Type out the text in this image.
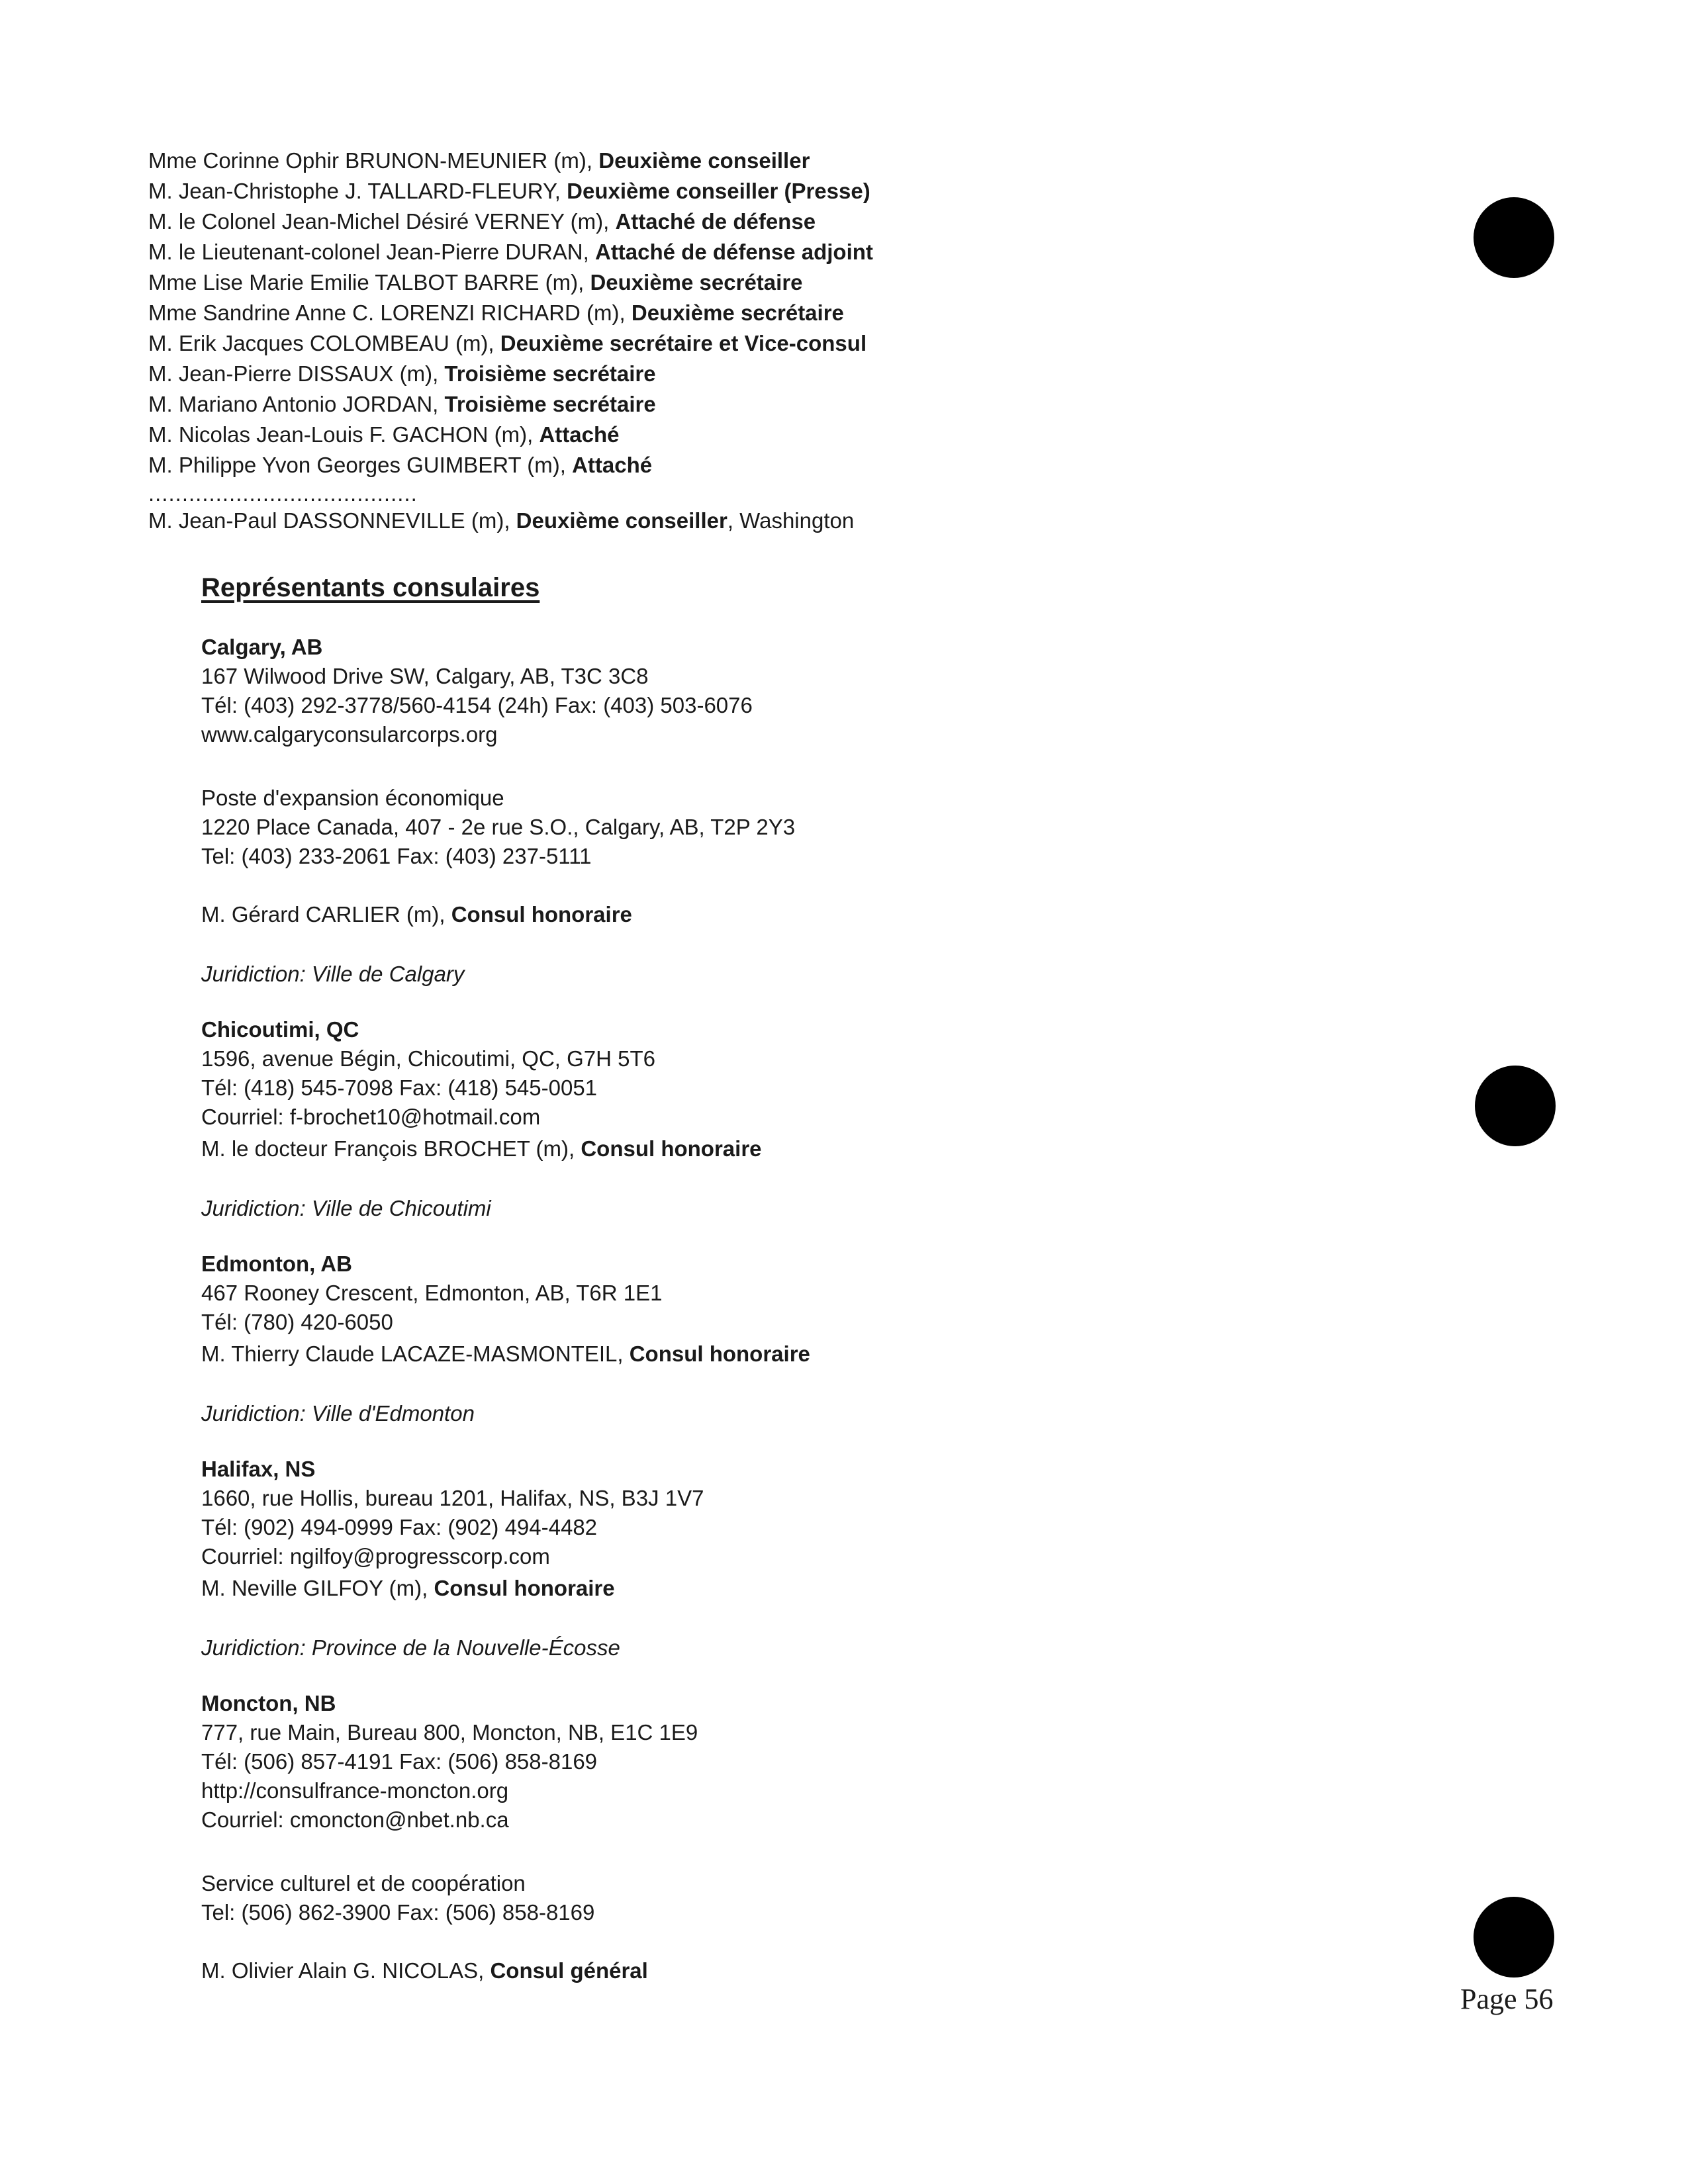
Mme Corinne Ophir BRUNON-MEUNIER (m), Deuxième conseiller
M. Jean-Christophe J. TALLARD-FLEURY, Deuxième conseiller (Presse)
M. le Colonel Jean-Michel Désiré VERNEY (m), Attaché de défense
M. le Lieutenant-colonel Jean-Pierre DURAN, Attaché de défense adjoint
Mme Lise Marie Emilie TALBOT BARRE (m), Deuxième secrétaire
Mme Sandrine Anne C. LORENZI RICHARD (m), Deuxième secrétaire
M. Erik Jacques COLOMBEAU (m), Deuxième secrétaire et Vice-consul
M. Jean-Pierre DISSAUX (m), Troisième secrétaire
M. Mariano Antonio JORDAN, Troisième secrétaire
M. Nicolas Jean-Louis F. GACHON (m), Attaché
M. Philippe Yvon Georges GUIMBERT (m), Attaché
........................................
M. Jean-Paul DASSONNEVILLE (m), Deuxième conseiller, Washington
Représentants consulaires
Calgary, AB
167 Wilwood Drive SW, Calgary, AB, T3C 3C8
Tél: (403) 292-3778/560-4154 (24h) Fax: (403) 503-6076
www.calgaryconsularcorps.org
Poste d'expansion économique
1220 Place Canada, 407 - 2e rue S.O., Calgary, AB, T2P 2Y3
Tel: (403) 233-2061 Fax: (403) 237-5111
M. Gérard CARLIER (m), Consul honoraire
Juridiction: Ville de Calgary
Chicoutimi, QC
1596, avenue Bégin, Chicoutimi, QC, G7H 5T6
Tél: (418) 545-7098 Fax: (418) 545-0051
Courriel: f-brochet10@hotmail.com
M. le docteur François BROCHET (m), Consul honoraire
Juridiction: Ville de Chicoutimi
Edmonton, AB
467 Rooney Crescent, Edmonton, AB, T6R 1E1
Tél: (780) 420-6050
M. Thierry Claude LACAZE-MASMONTEIL, Consul honoraire
Juridiction: Ville d'Edmonton
Halifax, NS
1660, rue Hollis, bureau 1201, Halifax, NS, B3J 1V7
Tél: (902) 494-0999 Fax: (902) 494-4482
Courriel: ngilfoy@progresscorp.com
M. Neville GILFOY (m), Consul honoraire
Juridiction: Province de la Nouvelle-Écosse
Moncton, NB
777, rue Main, Bureau 800, Moncton, NB, E1C 1E9
Tél: (506) 857-4191 Fax: (506) 858-8169
http://consulfrance-moncton.org
Courriel: cmoncton@nbet.nb.ca
Service culturel et de coopération
Tel: (506) 862-3900 Fax: (506) 858-8169
M. Olivier Alain G. NICOLAS, Consul général
Page 56
